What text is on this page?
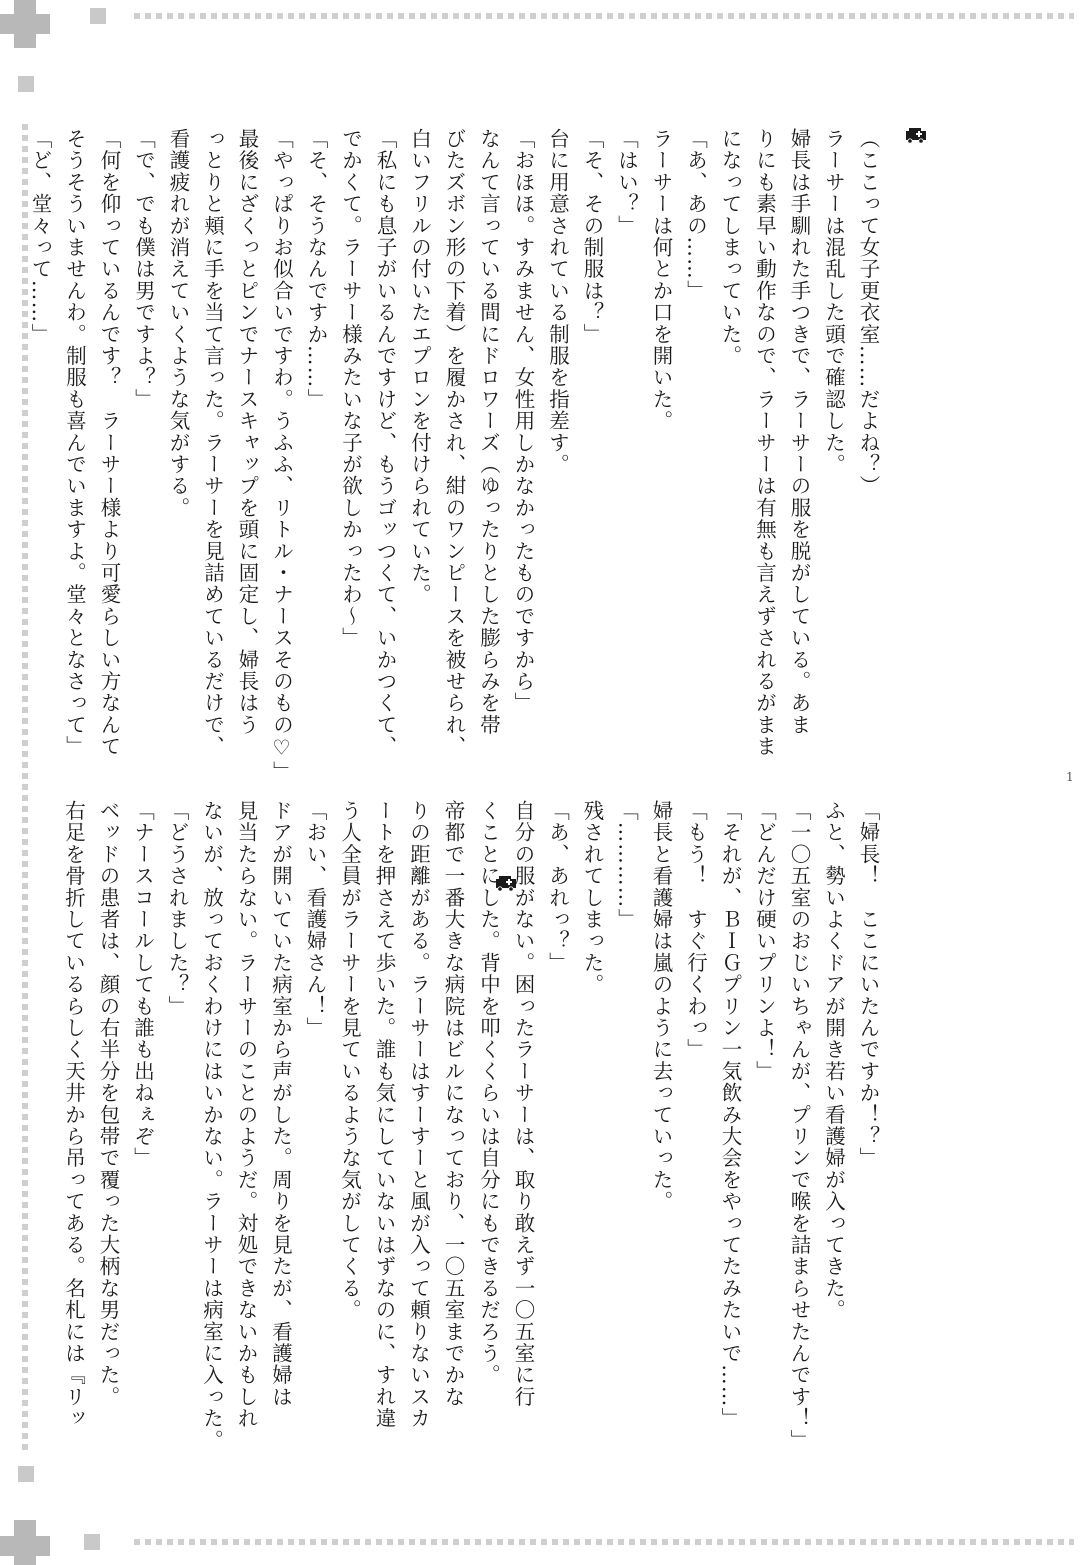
（ここって女子更衣室……だよね？）

ラーサーは混乱した頭で確認した。

婦長は手馴れた手つきで、ラーサーの服を脱がしている。あま

りにも素早い動作なので、ラーサーは有無も言えずされるがまま

になってしまっていた。

「あ、あの……」

ラーサーは何とか口を開いた。

「はい？」

「そ、その制服は？」

台に用意されている制服を指差す。

「おほほ。すみません、女性用しかなかったものですから」

なんて言っている間にドロワーズ（ゆったりとした膨らみを帯

びたズボン形の下着）を履かされ、紺のワンピースを被せられ、

白いフリルの付いたエプロンを付けられていた。

「私にも息子がいるんですけど、もうゴッつくて、いかつくて、

でかくて。ラーサー様みたいな子が欲しかったわ～」

「そ、そうなんですか……」

「やっぱりお似合いですわ。うふふ、リトル・ナースそのもの♡」

最後にざくっとピンでナースキャップを頭に固定し、婦長はう

っとりと頬に手を当て言った。ラーサーを見詰めているだけで、

看護疲れが消えていくような気がする。

「で、でも僕は男ですよ？」

「何を仰っているんです？　ラーサー様より可愛らしい方なんて

そうそういませんわ。制服も喜んでいますよ。堂々となさって」

「ど、堂々って……」

1

「婦長！　ここにいたんですか！？」

ふと、勢いよくドアが開き若い看護婦が入ってきた。

「一〇五室のおじいちゃんが、プリンで喉を詰まらせたんです！」

「どんだけ硬いプリンよ！」

「それが、ＢＩＧプリン一気飲み大会をやってたみたいで……」

「もう！　すぐ行くわっ」

婦長と看護婦は嵐のように去っていった。

「…………」

残されてしまった。

「あ、あれっ？」

自分の服がない。困ったラーサーは、取り敢えず一〇五室に行

くことにした。背中を叩くくらいは自分にもできるだろう。

帝都で一番大きな病院はビルになっており、一〇五室までかな

りの距離がある。ラーサーはすーすーと風が入って頼りないスカ

ートを押さえて歩いた。誰も気にしていないはずなのに、すれ違

う人全員がラーサーを見ているような気がしてくる。

「おい、看護婦さん！」

ドアが開いていた病室から声がした。周りを見たが、看護婦は

見当たらない。ラーサーのことのようだ。対処できないかもしれ

ないが、放っておくわけにはいかない。ラーサーは病室に入った。

「どうされました？」

「ナースコールしても誰も出ねぇぞ」

ベッドの患者は、顔の右半分を包帯で覆った大柄な男だった。

右足を骨折しているらしく天井から吊ってある。名札には『リッ
